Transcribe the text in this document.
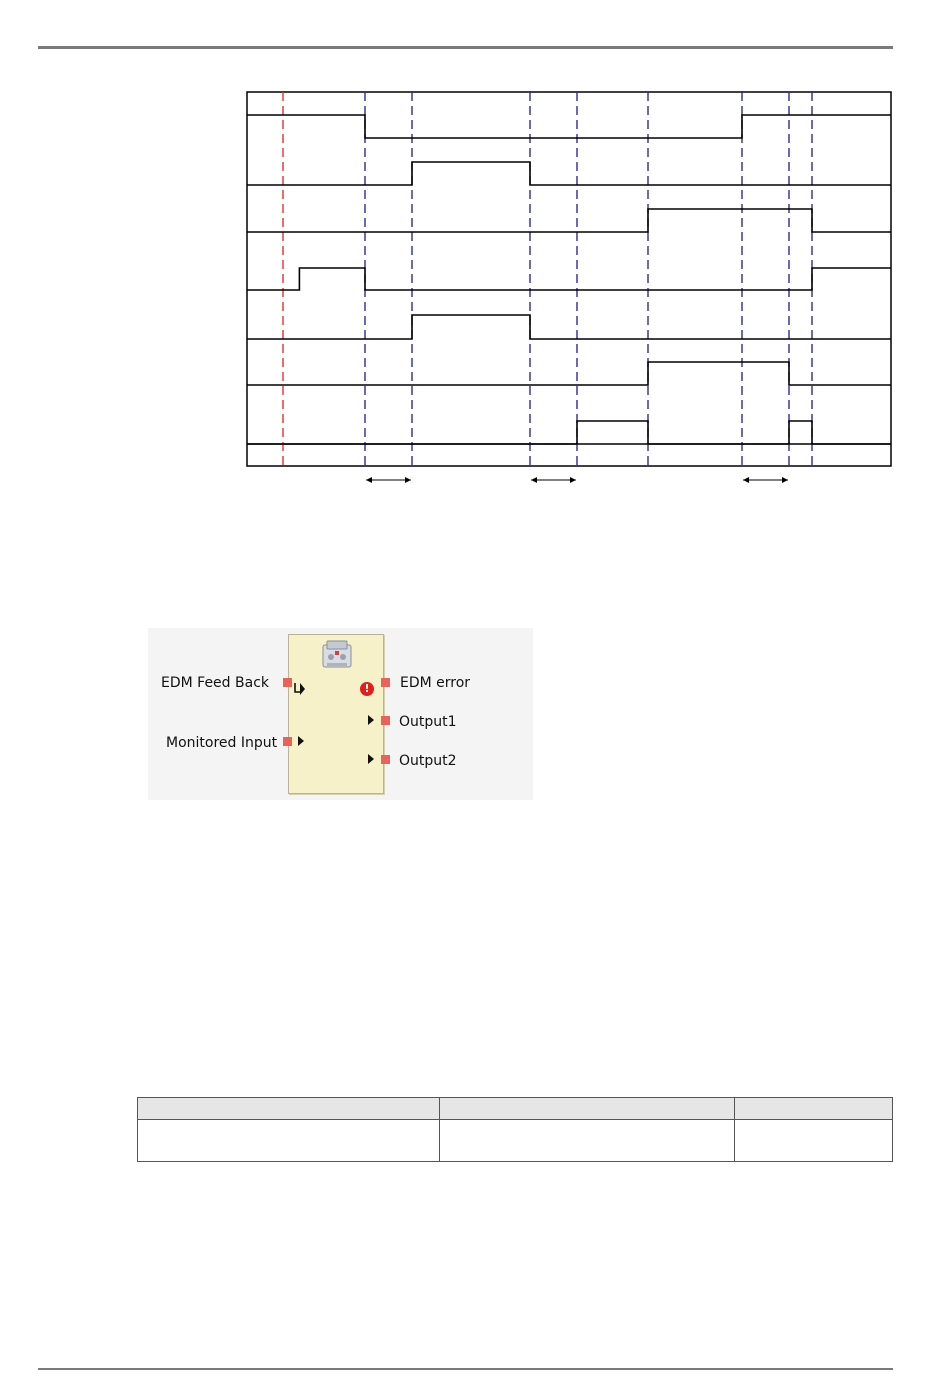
!
EDM Feed Back
Monitored Input
EDM error
Output1
Output2
